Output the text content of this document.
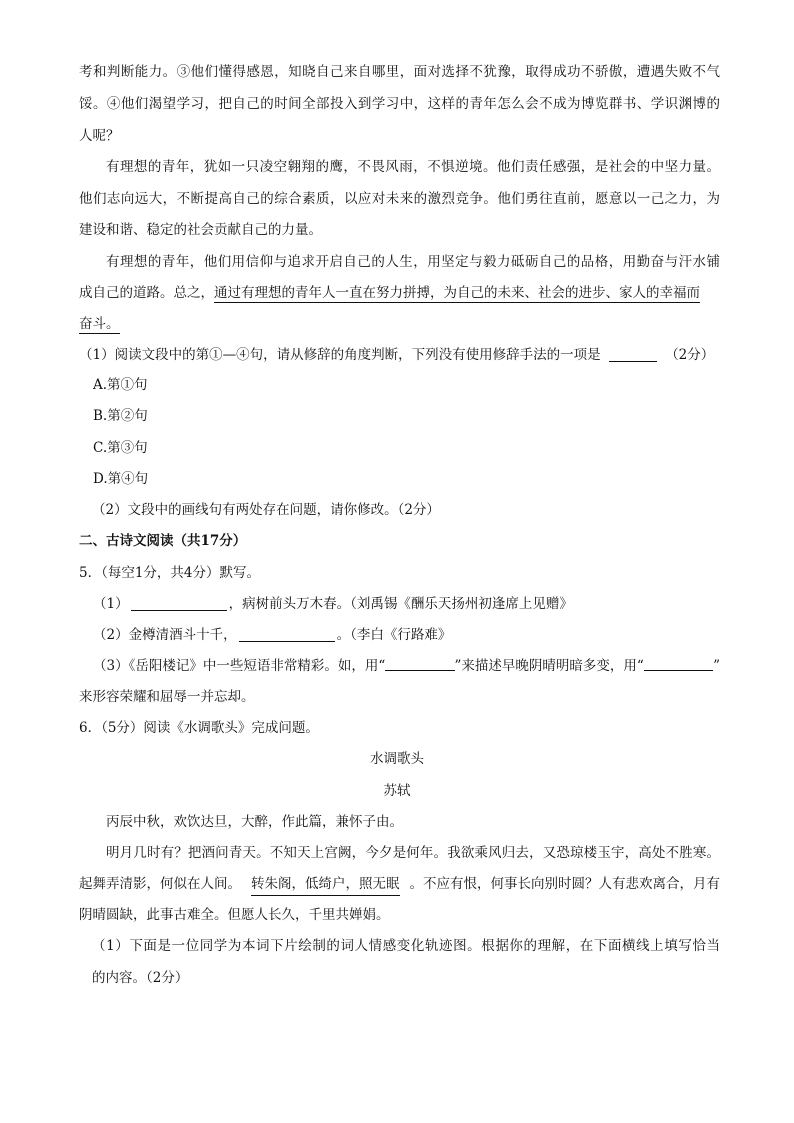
考和判断能力。③他们懂得感恩，知晓自己来自哪里，面对选择不犹豫，取得成功不骄傲，遭遇失败不气
馁。④他们渴望学习，把自己的时间全部投入到学习中，这样的青年怎么会不成为博览群书、学识渊博的
人呢？
有理想的青年，犹如一只凌空翱翔的鹰，不畏风雨，不惧逆境。他们责任感强，是社会的中坚力量。
他们志向远大，不断提高自己的综合素质，以应对未来的激烈竞争。他们勇往直前，愿意以一己之力，为
建设和谐、稳定的社会贡献自己的力量。
有理想的青年，他们用信仰与追求开启自己的人生，用坚定与毅力砥砺自己的品格，用勤奋与汗水铺
成自己的道路。总之，通过有理想的青年人一直在努力拼搏，为自己的未来、社会的进步、家人的幸福而
奋斗。
（1）阅读文段中的第①—④句，请从修辞的角度判断，下列没有使用修辞手法的一项是	（2分）
A.第①句
B.第②句
C.第③句
D.第④句
（2）文段中的画线句有两处存在问题，请你修改。（2分）
二、古诗文阅读（共17分）
5．（每空1分，共4分）默写。
（1）	，病树前头万木春。（刘禹锡《酬乐天扬州初逢席上见赠》
（2）金樽清酒斗十千，	。（李白《行路难》
（3）《岳阳楼记》中一些短语非常精彩。如，用“	”来描述早晚阴晴明暗多变，用“	”
来形容荣耀和屈辱一并忘却。
6．（5分）阅读《水调歌头》完成问题。
水调歌头
苏轼
丙辰中秋，欢饮达旦，大醉，作此篇，兼怀子由。
明月几时有？把酒问青天。不知天上宫阙，今夕是何年。我欲乘风归去，又恐琼楼玉宇，高处不胜寒。
起舞弄清影，何似在人间。 转朱阁，低绮户，照无眠 。不应有恨，何事长向别时圆？人有悲欢离合，月有
阴晴圆缺，此事古难全。但愿人长久，千里共婵娟。
（1）下面是一位同学为本词下片绘制的词人情感变化轨迹图。根据你的理解，在下面横线上填写恰当
的内容。（2分）
